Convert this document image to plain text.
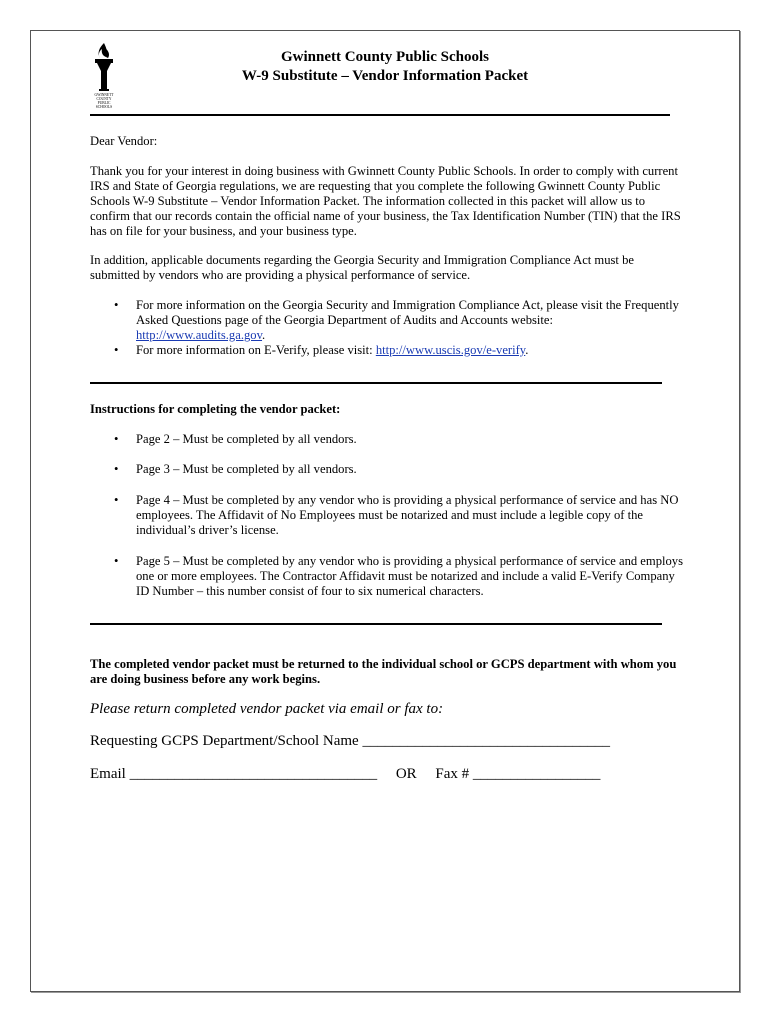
GWINNETT
COUNTY
PUBLIC
SCHOOLS
Gwinnett County Public Schools
W-9 Substitute – Vendor Information Packet
Dear Vendor:
Thank you for your interest in doing business with Gwinnett County Public Schools. In order to comply with current IRS and State of Georgia regulations, we are requesting that you complete the following Gwinnett County Public Schools W-9 Substitute – Vendor Information Packet. The information collected in this packet will allow us to confirm that our records contain the official name of your business, the Tax Identification Number (TIN) that the IRS has on file for your business, and your business type.
In addition, applicable documents regarding the Georgia Security and Immigration Compliance Act must be submitted by vendors who are providing a physical performance of service.
• For more information on the Georgia Security and Immigration Compliance Act, please visit the Frequently Asked Questions page of the Georgia Department of Audits and Accounts website: http://www.audits.ga.gov.
• For more information on E-Verify, please visit: http://www.uscis.gov/e-verify.
Instructions for completing the vendor packet:
• Page 2 – Must be completed by all vendors.
• Page 3 – Must be completed by all vendors.
• Page 4 – Must be completed by any vendor who is providing a physical performance of service and has NO employees. The Affidavit of No Employees must be notarized and must include a legible copy of the individual’s driver’s license.
• Page 5 – Must be completed by any vendor who is providing a physical performance of service and employs one or more employees. The Contractor Affidavit must be notarized and include a valid E-Verify Company ID Number – this number consist of four to six numerical characters.
The completed vendor packet must be returned to the individual school or GCPS department with whom you are doing business before any work begins.
Please return completed vendor packet via email or fax to:
Requesting GCPS Department/School Name _________________________________
Email _________________________________ OR Fax # _________________
